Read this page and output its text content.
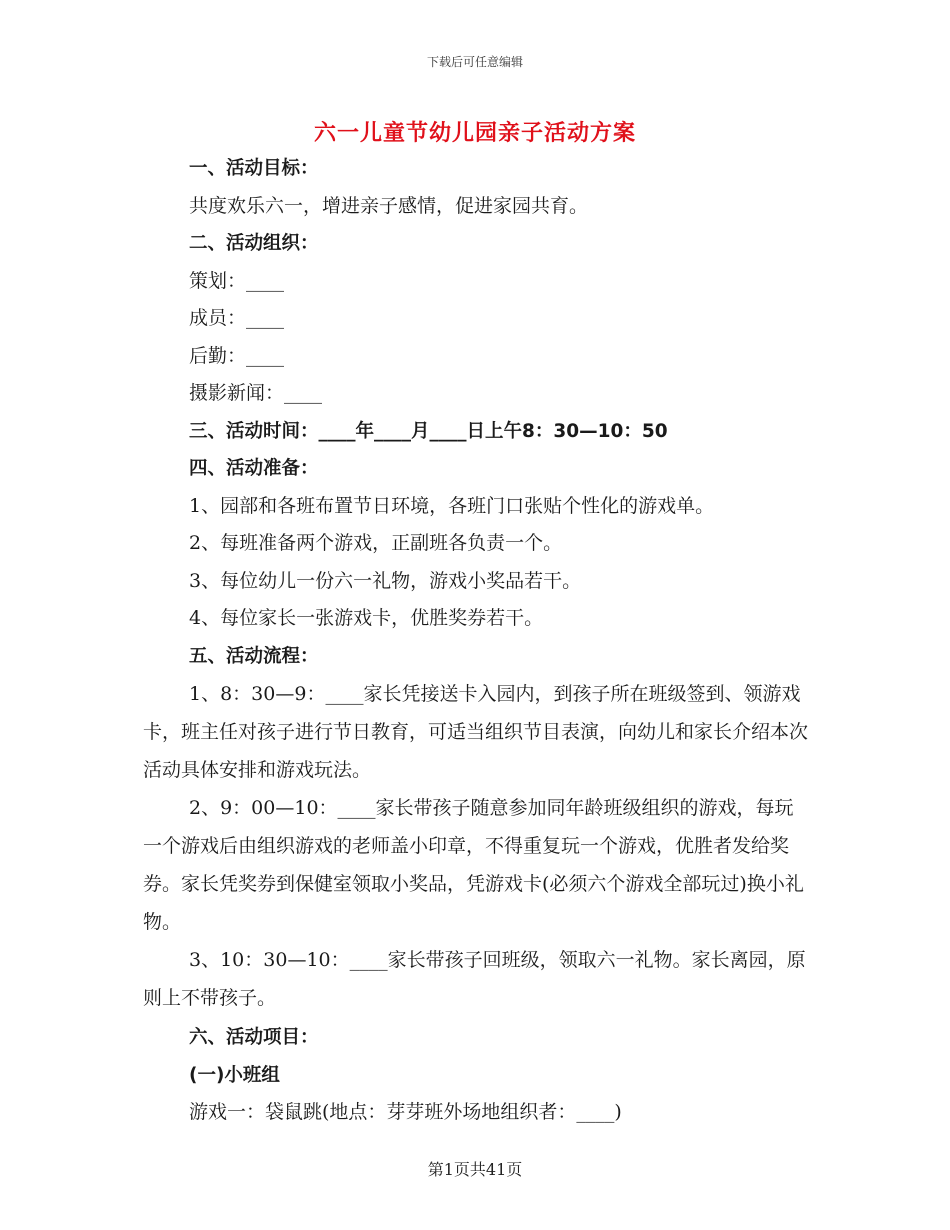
下载后可任意编辑
六一儿童节幼儿园亲子活动方案
一、活动目标：
共度欢乐六一，增进亲子感情，促进家园共育。
二、活动组织：
策划：____
成员：____
后勤：____
摄影新闻：____
三、活动时间：____年____月____日上午8：30—10：50
四、活动准备：
1、园部和各班布置节日环境，各班门口张贴个性化的游戏单。
2、每班准备两个游戏，正副班各负责一个。
3、每位幼儿一份六一礼物，游戏小奖品若干。
4、每位家长一张游戏卡，优胜奖券若干。
五、活动流程：

1、8：30—9：____家长凭接送卡入园内，到孩子所在班级签到、领游戏卡，班主任对孩子进行节日教育，可适当组织节目表演，向幼儿和家长介绍本次活动具体安排和游戏玩法。

2、9：00—10：____家长带孩子随意参加同年龄班级组织的游戏，每玩一个游戏后由组织游戏的老师盖小印章，不得重复玩一个游戏，优胜者发给奖券。家长凭奖券到保健室领取小奖品，凭游戏卡(必须六个游戏全部玩过)换小礼物。

3、10：30—10：____家长带孩子回班级，领取六一礼物。家长离园，原则上不带孩子。

六、活动项目：
(一)小班组
游戏一：袋鼠跳(地点：芽芽班外场地组织者：____)
第1页共41页
